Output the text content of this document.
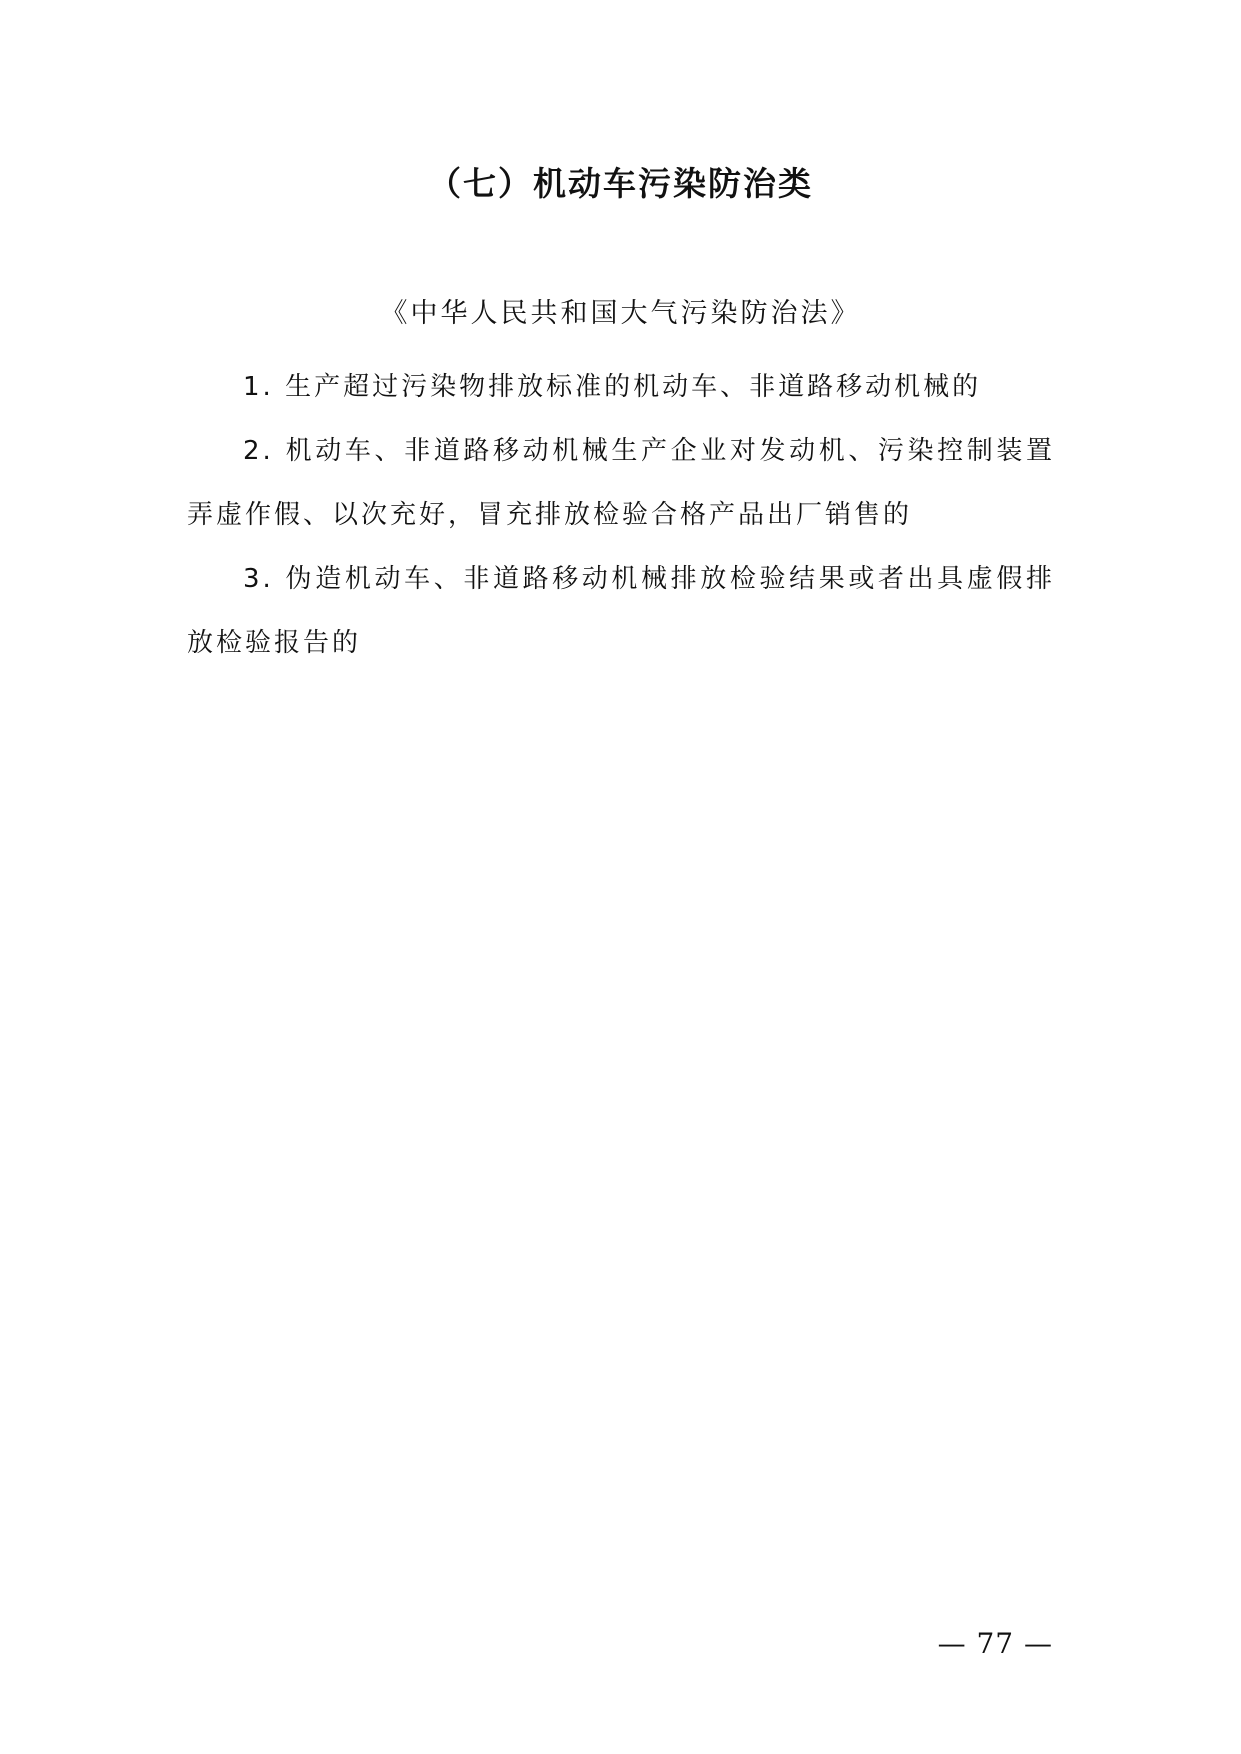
（七）机动车污染防治类
《中华人民共和国大气污染防治法》

1. 生产超过污染物排放标准的机动车、非道路移动机械的

2. 机动车、非道路移动机械生产企业对发动机、污染控制装置弄虚作假、以次充好，冒充排放检验合格产品出厂销售的

3. 伪造机动车、非道路移动机械排放检验结果或者出具虚假排放检验报告的

— 77 —
